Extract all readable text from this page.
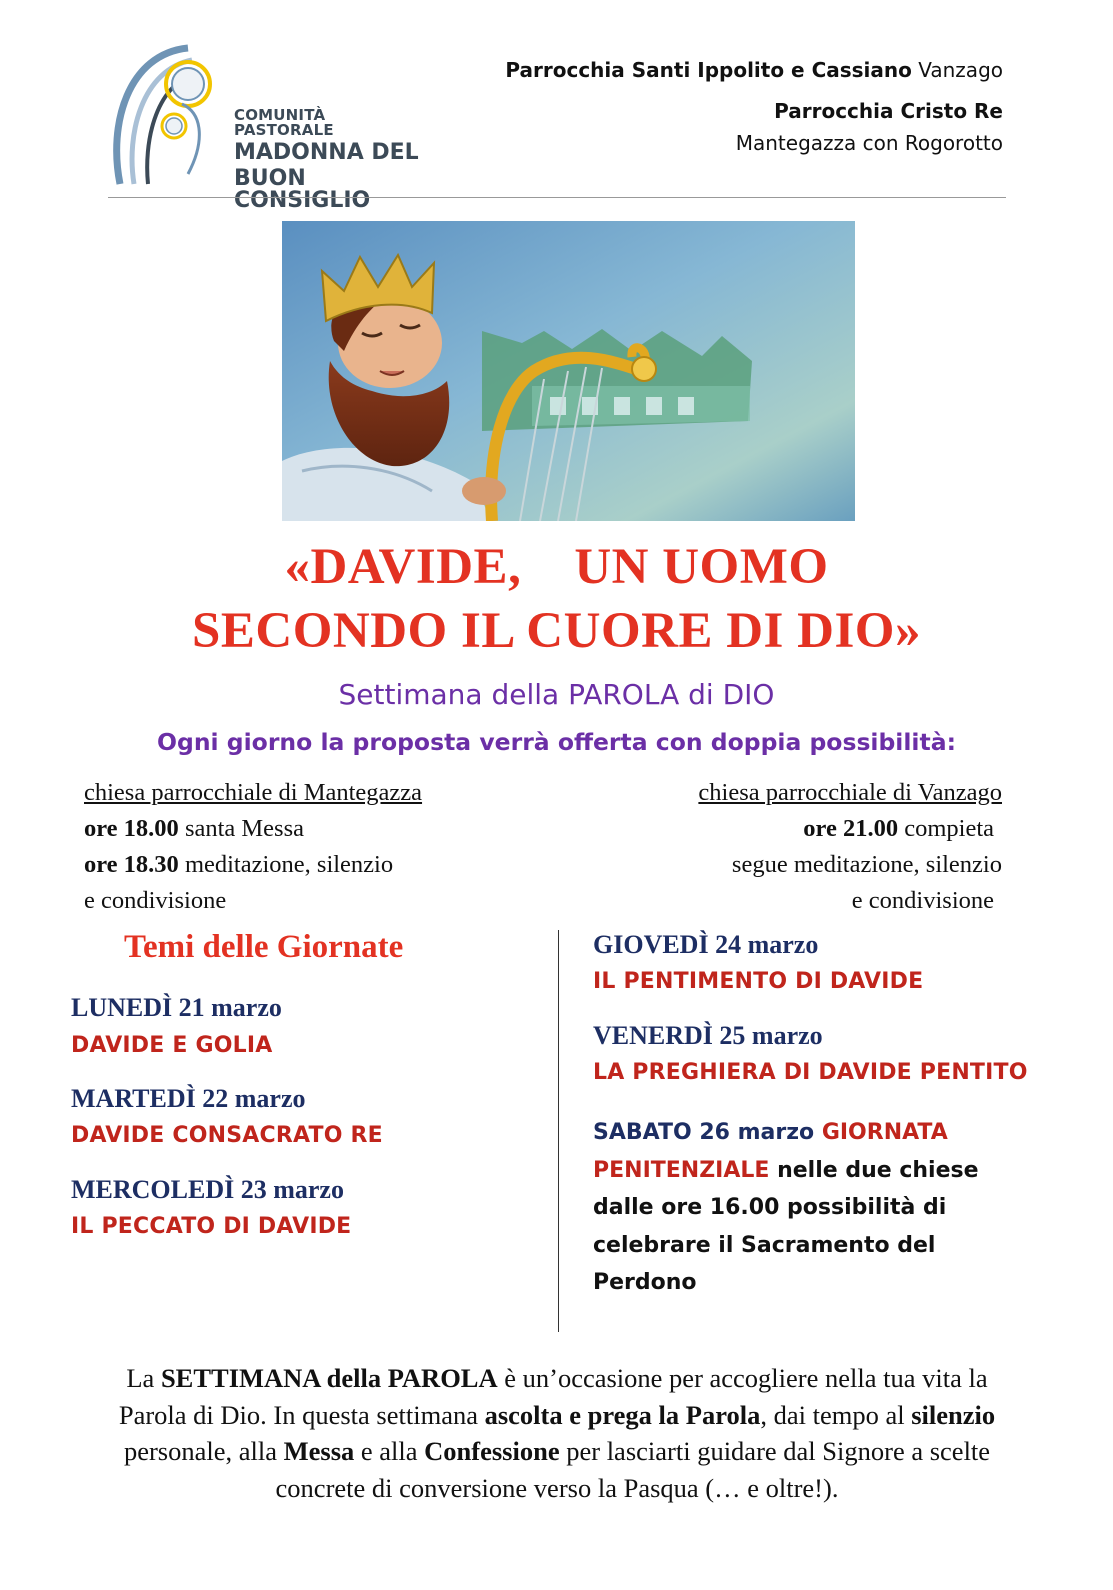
COMUNITÀ PASTORALE
MADONNA DEL
BUON CONSIGLIO
Parrocchia Santi Ippolito e Cassiano Vanzago
Parrocchia Cristo Re
Mantegazza con Rogorotto
«DAVIDE,    UN UOMO
SECONDO IL CUORE DI DIO»
Settimana della PAROLA di DIO
Ogni giorno la proposta verrà offerta con doppia possibilità:
chiesa parrocchiale di Mantegazza
ore 18.00 santa Messa
ore 18.30 meditazione, silenzio
e condivisione
chiesa parrocchiale di Vanzago
ore 21.00 compieta
segue meditazione, silenzio
e condivisione
Temi delle Giornate
LUNEDÌ 21 marzo
DAVIDE E GOLIA
MARTEDÌ 22 marzo
DAVIDE CONSACRATO RE
MERCOLEDÌ 23 marzo
IL PECCATO DI DAVIDE
GIOVEDÌ 24 marzo
IL PENTIMENTO DI DAVIDE
VENERDÌ 25 marzo
LA PREGHIERA DI DAVIDE PENTITO
SABATO 26 marzo GIORNATA
PENITENZIALE nelle due chiese
dalle ore 16.00 possibilità di
celebrare il Sacramento del
Perdono
La SETTIMANA della PAROLA è un’occasione per accogliere nella tua vita la Parola di Dio. In questa settimana ascolta e prega la Parola, dai tempo al silenzio personale, alla Messa e alla Confessione per lasciarti guidare dal Signore a scelte concrete di conversione verso la Pasqua (… e oltre!).
